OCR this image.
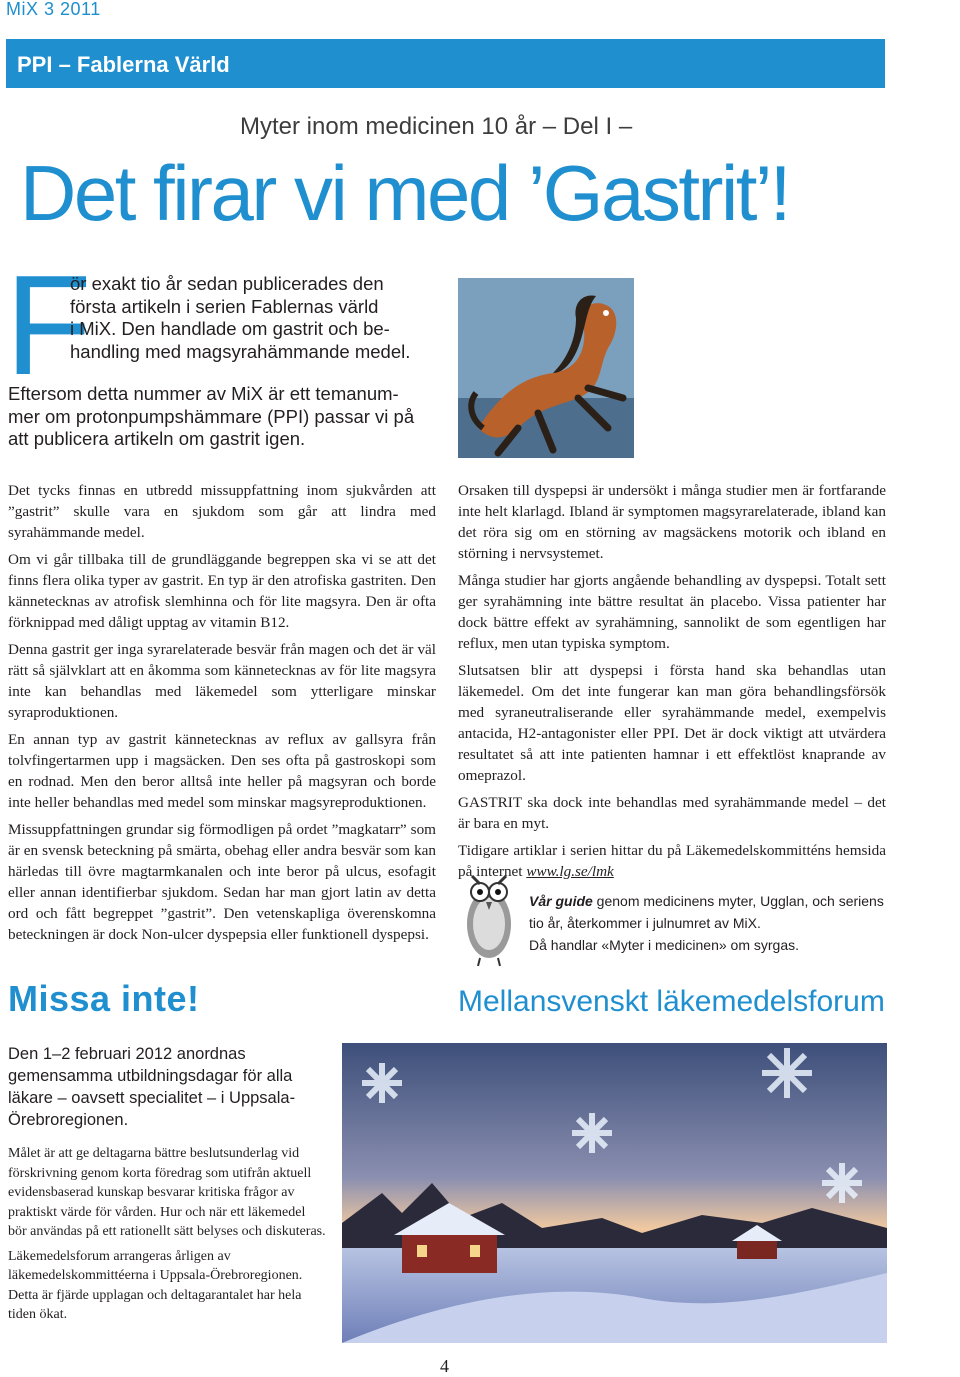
MiX 3 2011
PPI – Fablerna Värld
Myter inom medicinen 10 år – Del I –
Det firar vi med ’Gastrit’!
F
ör exakt tio år sedan publicerades den
första artikeln i serien Fablernas värld
i MiX. Den handlade om gastrit och be-
handling med magsyrahämmande medel.
Eftersom detta nummer av MiX är ett temanum-
mer om protonpumpshämmare (PPI) passar vi på
att publicera artikeln om gastrit igen.

Det tycks finnas en utbredd missuppfattning inom sjukvården att ”gastrit” skulle vara en sjukdom som går att lindra med syrahämmande medel.

Om vi går tillbaka till de grundläggande begreppen ska vi se att det finns flera olika typer av gastrit. En typ är den atrofiska gastriten. Den kännetecknas av atrofisk slemhinna och för lite magsyra. Den är ofta förknippad med dåligt upptag av vitamin B12.

Denna gastrit ger inga syrarelaterade besvär från magen och det är väl rätt så självklart att en åkomma som kännetecknas av för lite magsyra inte kan behandlas med läkemedel som ytterligare minskar syraproduktionen.

En annan typ av gastrit kännetecknas av reflux av gallsyra från tolvfingertarmen upp i magsäcken. Den ses ofta på gastroskopi som en rodnad. Men den beror alltså inte heller på magsyran och borde inte heller behandlas med medel som minskar magsyreproduktionen.

Missuppfattningen grundar sig förmodligen på ordet ”magkatarr” som är en svensk beteckning på smärta, obehag eller andra besvär som kan härledas till övre magtarmkanalen och inte beror på ulcus, esofagit eller annan identifierbar sjukdom. Sedan har man gjort latin av detta ord och fått begreppet ”gastrit”. Den vetenskapliga överenskomna beteckningen är dock Non-ulcer dyspepsia eller funktionell dyspepsi.

Orsaken till dyspepsi är undersökt i många studier men är fortfarande inte helt klarlagd. Ibland är symptomen magsyrarelaterade, ibland kan det röra sig om en störning av magsäckens motorik och ibland en störning i nervsystemet.

Många studier har gjorts angående behandling av dyspepsi. Totalt sett ger syrahämning inte bättre resultat än placebo. Vissa patienter har dock bättre effekt av syrahämning, sannolikt de som egentligen har reflux, men utan typiska symptom.

Slutsatsen blir att dyspepsi i första hand ska behandlas utan läkemedel. Om det inte fungerar kan man göra behandlingsförsök med syraneutraliserande eller syrahämmande medel, exempelvis antacida, H2-antagonister eller PPI. Det är dock viktigt att utvärdera resultatet så att inte patienten hamnar i ett effektlöst knaprande av omeprazol.

GASTRIT ska dock inte behandlas med syrahämmande medel – det är bara en myt.

Tidigare artiklar i serien hittar du på Läkemedelskommitténs hemsida på internet www.lg.se/lmk

Vår guide genom medicinens myter, Ugglan, och seriens tio år, återkommer i julnumret av MiX.
Då handlar «Myter i medicinen» om syrgas.
Missa inte!	Mellansvenskt läkemedelsforum
Den 1–2 februari 2012 anordnas gemensamma utbildningsdagar för alla läkare – oavsett specialitet – i Uppsala-Örebroregionen.

Målet är att ge deltagarna bättre beslutsunderlag vid förskrivning genom korta föredrag som utifrån aktuell evidensbaserad kunskap besvarar kritiska frågor av praktiskt värde för vården. Hur och när ett läkemedel bör användas på ett rationellt sätt belyses och diskuteras.

Läkemedelsforum arrangeras årligen av läkemedelskommittéerna i Uppsala-Örebroregionen. Detta är fjärde upplagan och deltagarantalet har hela tiden ökat.

4
